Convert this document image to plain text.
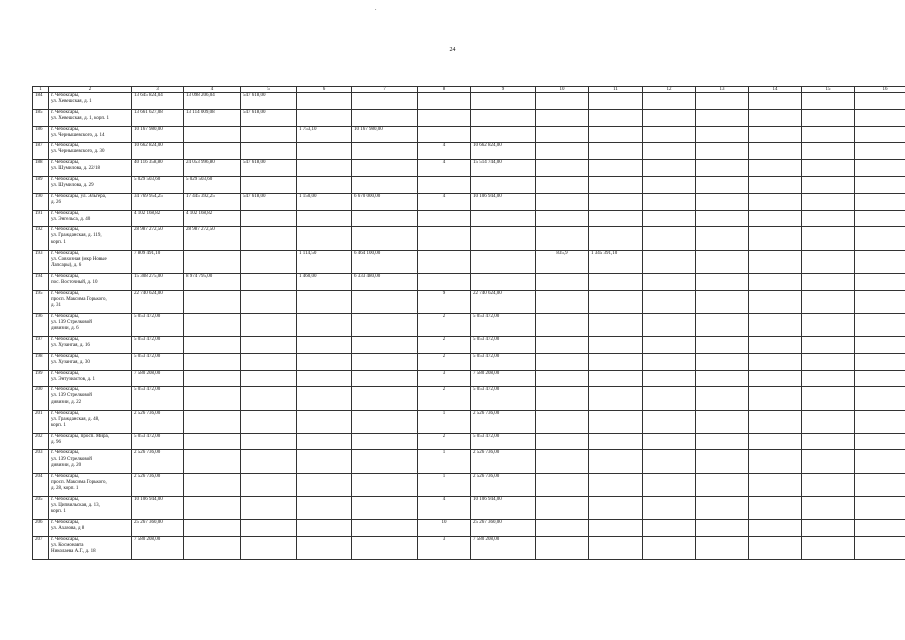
.
24
1	2	3	4	5	6	7	8	9	10	11	12	13	14	15	16
184	г. Чебоксары,
ул. Хевешская, д. 1	13 645 824,04	13 098 206,04	547 618,00											
185	г. Чебоксары,
ул. Хевешская, д. 1, корп. 1	13 661 627,08	13 114 009,08	547 618,00											
186	г. Чебоксары,
ул. Чернышевского, д. 14	10 167 980,00			1 753,10	10 167 980,00									
187	г. Чебоксары,
ул. Чернышевского, д. 30	10 662 824,00					4	10 662 824,00							
188	г. Чебоксары,
ул. Шумилова, д. 22/18	40 116 358,80	24 053 996,80	547 618,00			4	15 514 744,00							
189	г. Чебоксары,
ул. Шумилова, д. 29	5 029 503,60	5 029 503,60												
190	г. Чебоксары, ул. Эльгера,
д. 26	34 769 954,25	17 445 392,25	547 618,00	1 150,00	6 670 000,00	4	10 106 944,00							
191	г. Чебоксары,
ул. Энгельса, д. 40	4 102 168,82	4 102 168,82												
192	г. Чебоксары,
ул. Гражданская, д. 119,
корп. 1	28 987 272,50	28 987 272,50												
193	г. Чебоксары,
ул. Совхозная (мкр Новые
Лапсары), д. 6	7 809 491,10			1 114,50	6 464 100,00			835,9	1 345 391,10					
194	г. Чебоксары,
пос. Восточный, д. 10	15 308 275,00	8 974 795,00		1 460,00	6 333 480,00									
195	г. Чебоксары,
просп. Максима Горького,
д. 31	22 740 624,00					9	22 740 624,00							
196	г. Чебоксары,
ул. 139 Стрелковой
дивизии, д. 6	5 053 472,00					2	5 053 472,00							
197	г. Чебоксары,
ул. Хузангая, д. 16	5 053 472,00					2	5 053 472,00							
198	г. Чебоксары,
ул. Хузангая, д. 30	5 053 472,00					2	5 053 472,00							
199	г. Чебоксары,
ул. Энтузиастов, д. 1	7 580 208,00					3	7 580 208,00							
200	г. Чебоксары,
ул. 139 Стрелковой
дивизии, д. 22	5 053 472,00					2	5 053 472,00							
201	г. Чебоксары,
ул. Гражданская, д. 48,
корп. 1	2 526 736,00					1	2 526 736,00							
202	г. Чебоксары, просп. Мира,
д. 96	5 053 472,00					2	5 053 472,00							
203	г. Чебоксары,
ул. 139 Стрелковой
дивизии, д. 20	2 526 736,00					1	2 526 736,00							
204	г. Чебоксары,
просп. Максима Горького,
д. 28, корп. 1	2 526 736,00					1	2 526 736,00							
205	г. Чебоксары,
ул. Ципвильская, д. 13,
корп. 1	10 106 944,00					4	10 106 944,00							
206	г. Чебоксары,
ул. Ахазова, д 8	25 267 360,00					10	25 267 360,00							
207	г. Чебоксары,
ул. Космонавта
Николаева А.Г., д. 18	7 580 208,00					3	7 580 208,00							
